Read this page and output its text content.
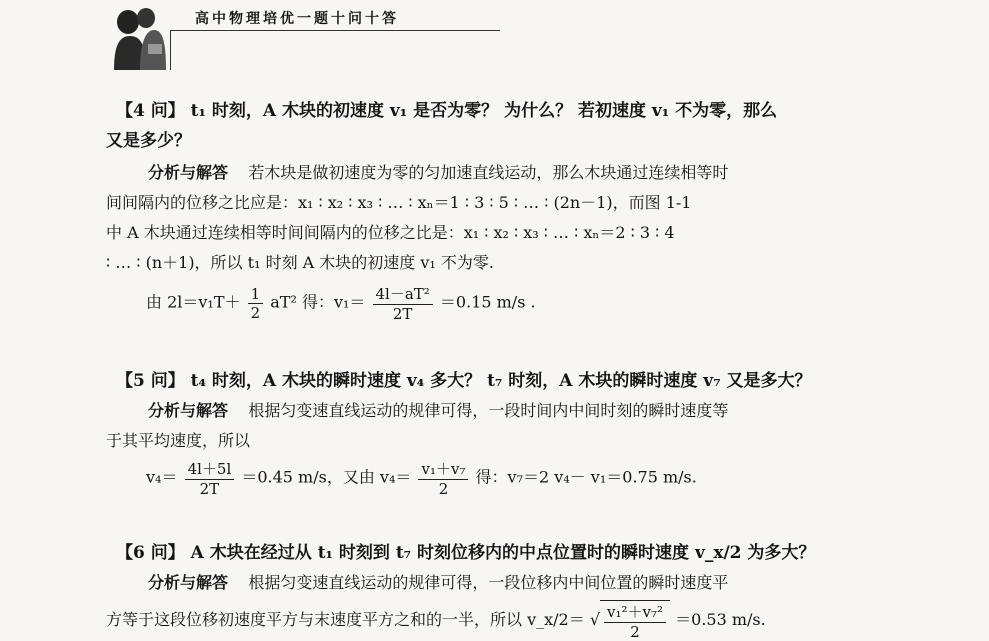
高中物理培优一题十问十答
【4 问】 t₁ 时刻，A 木块的初速度 v₁ 是否为零？ 为什么？ 若初速度 v₁ 不为零，那么
又是多少？
分析与解答 若木块是做初速度为零的匀加速直线运动，那么木块通过连续相等时
间间隔内的位移之比应是：x₁ ∶ x₂ ∶ x₃ ∶ … ∶ xₙ＝1 ∶ 3 ∶ 5 ∶ … ∶ (2n－1)，而图 1-1
中 A 木块通过连续相等时间间隔内的位移之比是：x₁ ∶ x₂ ∶ x₃ ∶ … ∶ xₙ＝2 ∶ 3 ∶ 4
∶ … ∶ (n＋1)，所以 t₁ 时刻 A 木块的初速度 v₁ 不为零.
由 $2l=v_1T+ \frac{1}{2} aT^2$ 得：$v_1= \frac{\text{4l－aT²}}{2T} =0.15$ m/s .
【5 问】 t₄ 时刻，A 木块的瞬时速度 v₄ 多大？ t₇ 时刻，A 木块的瞬时速度 v₇ 又是多大？
分析与解答 根据匀变速直线运动的规律可得，一段时间内中间时刻的瞬时速度等
于其平均速度，所以
$v_4= \frac{4l+5l}{2T} =0.45$ m/s，又由 $v_4= \frac{\text{v₁＋v₇}}{2}$ 得：v₇＝2 v₄－ v₁＝0.75 m/s.
【6 问】 A 木块在经过从 t₁ 时刻到 t₇ 时刻位移内的中点位置时的瞬时速度 v_x/2 为多大？
分析与解答 根据匀变速直线运动的规律可得，一段位移内中间位置的瞬时速度平
方等于这段位移初速度平方与末速度平方之和的一半，所以 v_x/2＝ √ $\frac{\text{v₁²＋v₇²}}{2} =0.53$ m/s.
